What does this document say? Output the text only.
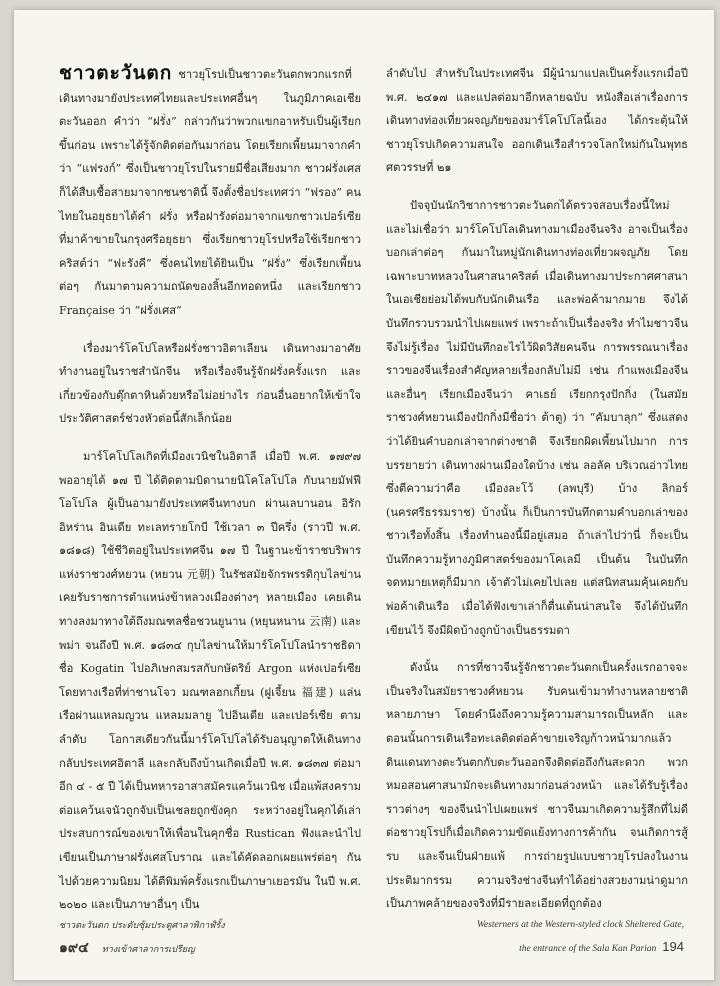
ชาวตะวันตก ชาวยุโรปเป็นชาวตะวันตกพวกแรกที่เดินทางมายังประเทศไทยและประเทศอื่นๆ ในภูมิภาคเอเชียตะวันออก คำว่า “ฝรั่ง” กล่าวกันว่าพวกแขกอาหรับเป็นผู้เรียกขึ้นก่อน เพราะได้รู้จักติดต่อกันมาก่อน โดยเรียกเพี้ยนมาจากคำว่า “แฟรงก์” ซึ่งเป็นชาวยุโรปในรายมีชื่อเสียงมาก ชาวฝรั่งเศสก็ได้สืบเชื้อสายมาจากชนชาตินี้ จึงตั้งชื่อประเทศว่า “ฟรอง” คนไทยในอยุธยาได้คำ ฝรั่ง หรือฝารังต่อมาจากแขกชาวเปอร์เซียที่มาค้าขายในกรุงศรีอยุธยา ซึ่งเรียกชาวยุโรปหรือใช้เรียกชาวคริสต์ว่า “ฟะรังคี” ซึ่งคนไทยได้ยินเป็น “ฝรั่ง” ซึ่งเรียกเพี้ยนต่อๆ กันมาตามความถนัดของลิ้นอีกทอดหนึ่ง และเรียกชาว Française ว่า “ฝรั่งเศส”

เรื่องมาร์โคโปโลหรือฝรั่งชาวอิตาเลียน เดินทางมาอาศัยทำงานอยู่ในราชสำนักจีน หรือเรื่องจีนรู้จักฝรั่งครั้งแรก และเกี่ยวข้องกับตุ๊กตาหินด้วยหรือไม่อย่างไร ก่อนอื่นอยากให้เข้าใจประวัติศาสตร์ช่วงหัวต่อนี้สักเล็กน้อย

มาร์โคโปโลเกิดที่เมืองเวนิชในอิตาลี เมื่อปี พ.ศ. ๑๗๙๗ พออายุได้ ๑๗ ปี ได้ติดตามบิดานายนิโคโลโปโล กับนายมัฟฟีโอโปโล ผู้เป็นอามายังประเทศจีนทางบก ผ่านเลบานอน อิรัก อิหร่าน อินเดีย ทะเลทรายโกบี ใช้เวลา ๓ ปีครึ่ง (ราวปี พ.ศ. ๑๘๑๘) ใช้ชีวิตอยู่ในประเทศจีน ๑๗ ปี ในฐานะข้าราชบริพารแห่งราชวงศ์หยวน (หยวน 元朝) ในรัชสมัยจักรพรรดิกุบไลข่าน เคยรับราชการตำแหน่งข้าหลวงเมืองต่างๆ หลายเมือง เคยเดินทางลงมาทางใต้ถึงมณฑลชื่อชวนยูนาน (หยุนหนาน 云南) และพม่า จนถึงปี พ.ศ. ๑๘๓๔ กุบไลข่านให้มาร์โคโปโลนำราชธิดาชื่อ Kogatin ไปอภิเษกสมรสกับกษัตริย์ Argon แห่งเปอร์เซีย โดยทางเรือที่ท่าชานโจว มณฑลฮกเกี้ยน (ฝูเจี้ยน 福建) แล่นเรือผ่านแหลมญวน แหลมมลายู ไปอินเดีย และเปอร์เซีย ตามลำดับ โอกาสเดียวกันนี้มาร์โคโปโลได้รับอนุญาตให้เดินทางกลับประเทศอิตาลี และกลับถึงบ้านเกิดเมื่อปี พ.ศ. ๑๘๓๗ ต่อมาอีก ๔ - ๕ ปี ได้เป็นทหารอาสาสมัครแคว้นเวนิช เมื่อแพ้สงครามต่อแคว้นเจนัวถูกจับเป็นเชลยถูกขังคุก ระหว่างอยู่ในคุกได้เล่าประสบการณ์ของเขาให้เพื่อนในคุกชื่อ Rustican ฟังและนำไปเขียนเป็นภาษาฝรั่งเศสโบราณ และได้คัดลอกเผยแพร่ต่อๆ กันไปด้วยความนิยม ได้ตีพิมพ์ครั้งแรกเป็นภาษาเยอรมัน ในปี พ.ศ. ๒๐๒๐ และเป็นภาษาอื่นๆ เป็น

ลำดับไป สำหรับในประเทศจีน มีผู้นำมาแปลเป็นครั้งแรกเมื่อปี พ.ศ. ๒๔๑๗ และแปลต่อมาอีกหลายฉบับ หนังสือเล่าเรื่องการเดินทางท่องเที่ยวผจญภัยของมาร์โคโปโลนี้เอง ได้กระตุ้นให้ชาวยุโรปเกิดความสนใจ ออกเดินเรือสำรวจโลกใหม่กันในพุทธศตวรรษที่ ๒๑

ปัจจุบันนักวิชาการชาวตะวันตกได้ตรวจสอบเรื่องนี้ใหม่ และไม่เชื่อว่า มาร์โคโปโลเดินทางมาเมืองจีนจริง อาจเป็นเรื่องบอกเล่าต่อๆ กันมาในหมู่นักเดินทางท่องเที่ยวผจญภัย โดยเฉพาะบาทหลวงในศาสนาคริสต์ เมื่อเดินทางมาประกาศศาสนาในเอเชียย่อมได้พบกับนักเดินเรือ และพ่อค้ามากมาย จึงได้บันทึกรวบรวมนำไปเผยแพร่ เพราะถ้าเป็นเรื่องจริง ทำไมชาวจีนจึงไม่รู้เรื่อง ไม่มีบันทึกอะไรไว้ผิดวิสัยคนจีน การพรรณนาเรื่องราวของจีนเรื่องสำคัญหลายเรื่องกลับไม่มี เช่น กำแพงเมืองจีน และอื่นๆ เรียกเมืองจีนว่า คาเธย์ เรียกกรุงปักกิ่ง (ในสมัยราชวงศ์หยวนเมืองปักกิ่งมีชื่อว่า ต้าตู) ว่า “คัมบาลุก” ซึ่งแสดงว่าได้ยินคำบอกเล่าจากต่างชาติ จึงเรียกผิดเพี้ยนไปมาก การบรรยายว่า เดินทางผ่านเมืองใดบ้าง เช่น ลอลัค บริเวณอ่าวไทย ซึ่งตีความว่าคือ เมืองละโว้ (ลพบุรี) บ้าง ลิกอร์ (นครศรีธรรมราช) บ้างนั้น ก็เป็นการบันทึกตามคำบอกเล่าของชาวเรือทั้งสิ้น เรื่องทำนองนี้มีอยู่เสมอ ถ้าเล่าไปว่านี่ ก็จะเป็นบันทึกความรู้ทางภูมิศาสตร์ของมาโคเลมี เป็นต้น ในบันทึกจดหมายเหตุก็มีมาก เจ้าตัวไม่เคยไปเลย แต่สนิทสนมคุ้นเคยกับพ่อค้าเดินเรือ เมื่อได้ฟังเขาเล่าก็ตื่นเต้นน่าสนใจ จึงได้บันทึกเขียนไว้ จึงมีผิดบ้างถูกบ้างเป็นธรรมดา

ดังนั้น การที่ชาวจีนรู้จักชาวตะวันตกเป็นครั้งแรกอาจจะเป็นจริงในสมัยราชวงศ์หยวน รับคนเข้ามาทำงานหลายชาติหลายภาษา โดยคำนึงถึงความรู้ความสามารถเป็นหลัก และตอนนั้นการเดินเรือทะเลติดต่อค้าขายเจริญก้าวหน้ามากแล้ว ดินแดนทางตะวันตกกับตะวันออกจึงติดต่อถึงกันสะดวก พวกหมอสอนศาสนามักจะเดินทางมาก่อนล่วงหน้า และได้รับรู้เรื่องราวต่างๆ ของจีนนำไปเผยแพร่ ชาวจีนมาเกิดความรู้สึกที่ไม่ดีต่อชาวยุโรปก็เมื่อเกิดความขัดแย้งทางการค้ากัน จนเกิดการสู้รบ และจีนเป็นฝ่ายแพ้ การถ่ายรูปแบบชาวยุโรปลงในงานประติมากรรม ความจริงช่างจีนทำได้อย่างสวยงามน่าดูมาก เป็นภาพคล้ายของจริงที่มีรายละเอียดที่ถูกต้อง

ชาวตะวันตก ประดับซุ้มประตูศาลาพิกาฬ์รั้ง
๑๙๔ ทางเข้าศาลาการเปรียญ
Westerners at the Western-styled clock Sheltered Gate,
the entrance of the Sala Kan Parian 194
